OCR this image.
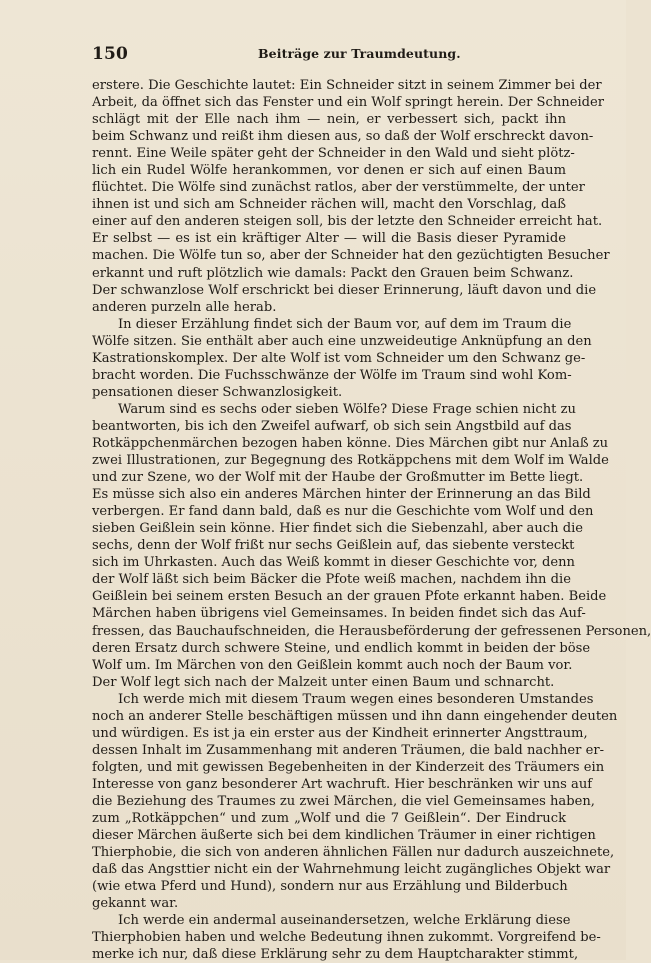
150	Beiträge zur Traumdeutung.
erstere. Die Geschichte lautet: Ein Schneider sitzt in seinem Zimmer bei der
Arbeit, da öffnet sich das Fenster und ein Wolf springt herein. Der Schneider
schlägt mit der Elle nach ihm — nein, er verbessert sich, packt ihn
beim Schwanz und reißt ihm diesen aus, so daß der Wolf erschreckt davon-
rennt. Eine Weile später geht der Schneider in den Wald und sieht plötz-
lich ein Rudel Wölfe herankommen, vor denen er sich auf einen Baum
flüchtet. Die Wölfe sind zunächst ratlos, aber der verstümmelte, der unter
ihnen ist und sich am Schneider rächen will, macht den Vorschlag, daß
einer auf den anderen steigen soll, bis der letzte den Schneider erreicht hat.
Er selbst — es ist ein kräftiger Alter — will die Basis dieser Pyramide
machen. Die Wölfe tun so, aber der Schneider hat den gezüchtigten Besucher
erkannt und ruft plötzlich wie damals: Packt den Grauen beim Schwanz.
Der schwanzlose Wolf erschrickt bei dieser Erinnerung, läuft davon und die
anderen purzeln alle herab.
In dieser Erzählung findet sich der Baum vor, auf dem im Traum die
Wölfe sitzen. Sie enthält aber auch eine unzweideutige Anknüpfung an den
Kastrationskomplex. Der alte Wolf ist vom Schneider um den Schwanz ge-
bracht worden. Die Fuchsschwänze der Wölfe im Traum sind wohl Kom-
pensationen dieser Schwanzlosigkeit.
Warum sind es sechs oder sieben Wölfe? Diese Frage schien nicht zu
beantworten, bis ich den Zweifel aufwarf, ob sich sein Angstbild auf das
Rotkäppchenmärchen bezogen haben könne. Dies Märchen gibt nur Anlaß zu
zwei Illustrationen, zur Begegnung des Rotkäppchens mit dem Wolf im Walde
und zur Szene, wo der Wolf mit der Haube der Großmutter im Bette liegt.
Es müsse sich also ein anderes Märchen hinter der Erinnerung an das Bild
verbergen. Er fand dann bald, daß es nur die Geschichte vom Wolf und den
sieben Geißlein sein könne. Hier findet sich die Siebenzahl, aber auch die
sechs, denn der Wolf frißt nur sechs Geißlein auf, das siebente versteckt
sich im Uhrkasten. Auch das Weiß kommt in dieser Geschichte vor, denn
der Wolf läßt sich beim Bäcker die Pfote weiß machen, nachdem ihn die
Geißlein bei seinem ersten Besuch an der grauen Pfote erkannt haben. Beide
Märchen haben übrigens viel Gemeinsames. In beiden findet sich das Auf-
fressen, das Bauchaufschneiden, die Herausbeförderung der gefressenen Personen,
deren Ersatz durch schwere Steine, und endlich kommt in beiden der böse
Wolf um. Im Märchen von den Geißlein kommt auch noch der Baum vor.
Der Wolf legt sich nach der Malzeit unter einen Baum und schnarcht.
Ich werde mich mit diesem Traum wegen eines besonderen Umstandes
noch an anderer Stelle beschäftigen müssen und ihn dann eingehender deuten
und würdigen. Es ist ja ein erster aus der Kindheit erinnerter Angsttraum,
dessen Inhalt im Zusammenhang mit anderen Träumen, die bald nachher er-
folgten, und mit gewissen Begebenheiten in der Kinderzeit des Träumers ein
Interesse von ganz besonderer Art wachruft. Hier beschränken wir uns auf
die Beziehung des Traumes zu zwei Märchen, die viel Gemeinsames haben,
zum „Rotkäppchen“ und zum „Wolf und die 7 Geißlein“. Der Eindruck
dieser Märchen äußerte sich bei dem kindlichen Träumer in einer richtigen
Thierphobie, die sich von anderen ähnlichen Fällen nur dadurch auszeichnete,
daß das Angsttier nicht ein der Wahrnehmung leicht zugängliches Objekt war
(wie etwa Pferd und Hund), sondern nur aus Erzählung und Bilderbuch
gekannt war.
Ich werde ein andermal auseinandersetzen, welche Erklärung diese
Thierphobien haben und welche Bedeutung ihnen zukommt. Vorgreifend be-
merke ich nur, daß diese Erklärung sehr zu dem Hauptcharakter stimmt,
